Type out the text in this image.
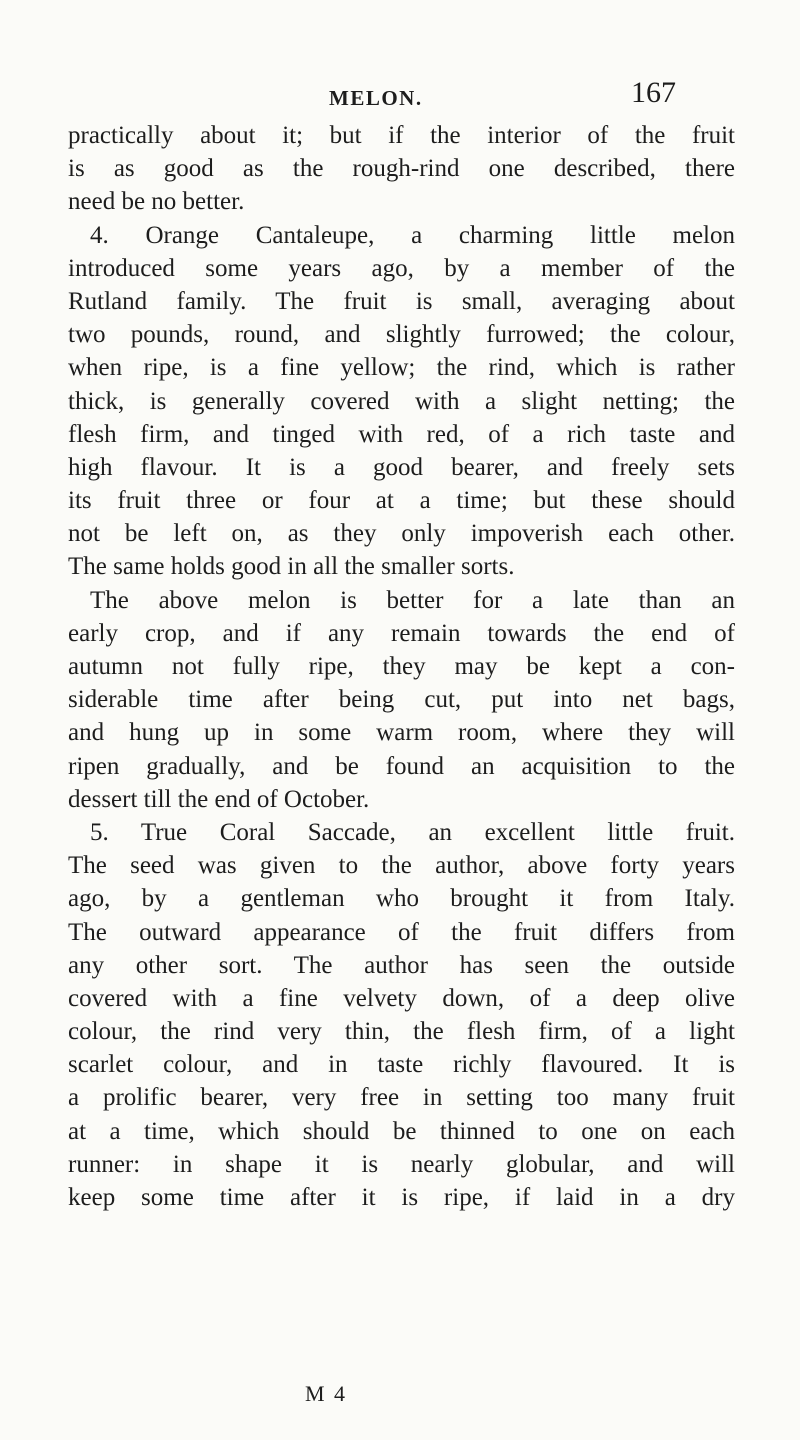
MELON.	167
practically about it; but if the interior of the fruit
is as good as the rough-rind one described, there
need be no better.
4. Orange Cantaleupe, a charming little melon
introduced some years ago, by a member of the
Rutland family. The fruit is small, averaging about
two pounds, round, and slightly furrowed; the colour,
when ripe, is a fine yellow; the rind, which is rather
thick, is generally covered with a slight netting; the
flesh firm, and tinged with red, of a rich taste and
high flavour. It is a good bearer, and freely sets
its fruit three or four at a time; but these should
not be left on, as they only impoverish each other.
The same holds good in all the smaller sorts.
The above melon is better for a late than an
early crop, and if any remain towards the end of
autumn not fully ripe, they may be kept a con-
siderable time after being cut, put into net bags,
and hung up in some warm room, where they will
ripen gradually, and be found an acquisition to the
dessert till the end of October.
5. True Coral Saccade, an excellent little fruit.
The seed was given to the author, above forty years
ago, by a gentleman who brought it from Italy.
The outward appearance of the fruit differs from
any other sort. The author has seen the outside
covered with a fine velvety down, of a deep olive
colour, the rind very thin, the flesh firm, of a light
scarlet colour, and in taste richly flavoured. It is
a prolific bearer, very free in setting too many fruit
at a time, which should be thinned to one on each
runner: in shape it is nearly globular, and will
keep some time after it is ripe, if laid in a dry
M 4
